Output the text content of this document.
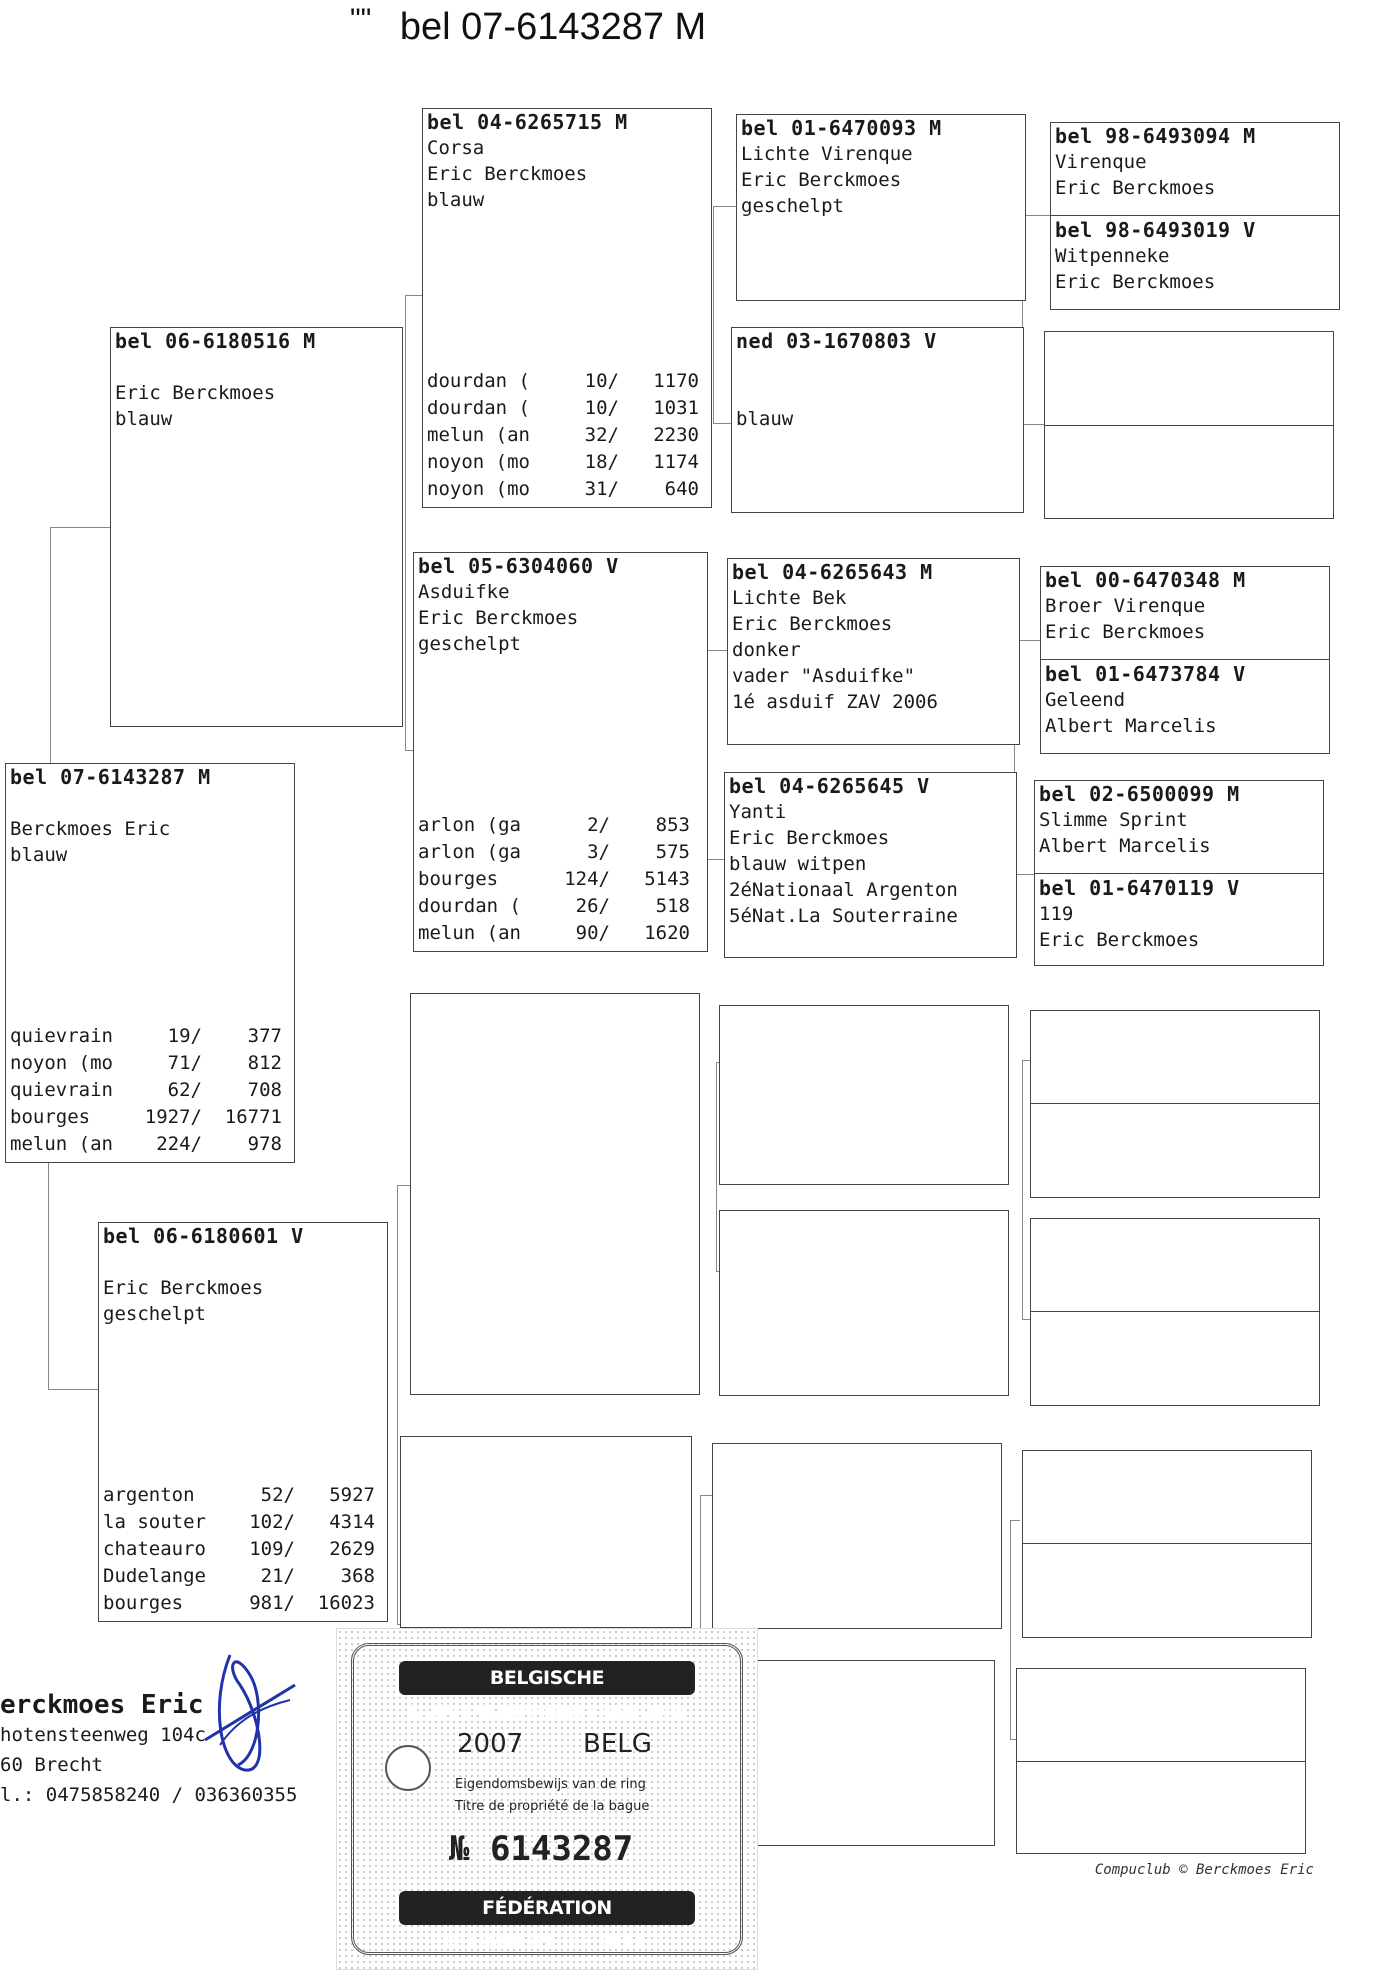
"" bel 07-6143287 M
bel 07-6143287 M

Berckmoes Eric
blauw
quievrain	19/	377
noyon (mo	71/	812
quievrain	62/	708
bourges	1927/	16771
melun (an	224/	978
bel 06-6180516 M

Eric Berckmoes
blauw
bel 06-6180601 V

Eric Berckmoes
geschelpt
argenton	52/	5927
la souter	102/	4314
chateauro	109/	2629
Dudelange	21/	368
bourges	981/	16023
bel 04-6265715 M
Corsa
Eric Berckmoes
blauw
dourdan (	10/	1170
dourdan (	10/	1031
melun (an	32/	2230
noyon (mo	18/	1174
noyon (mo	31/	640
bel 05-6304060 V
Asduifke
Eric Berckmoes
geschelpt
arlon (ga	2/	853
arlon (ga	3/	575
bourges	124/	5143
dourdan (	26/	518
melun (an	90/	1620
bel 01-6470093 M
Lichte Virenque
Eric Berckmoes
geschelpt
ned 03-1670803 V

blauw
bel 04-6265643 M
Lichte Bek
Eric Berckmoes
donker
vader "Asduifke"
1é asduif ZAV 2006
bel 04-6265645 V
Yanti
Eric Berckmoes
blauw witpen
2éNationaal Argenton
5éNat.La Souterraine
bel 98-6493094 M
Virenque
Eric Berckmoes
bel 98-6493019 V
Witpenneke
Eric Berckmoes
bel 00-6470348 M
Broer Virenque
Eric Berckmoes
bel 01-6473784 V
Geleend
Albert Marcelis
bel 02-6500099 M
Slimme Sprint
Albert Marcelis
bel 01-6470119 V
119
Eric Berckmoes
erckmoes Eric
hotensteenweg 104c
60 Brecht
l.: 0475858240 / 036360355
BELGISCHE DUIVENLIEFHEBBERSBOND
2007 BELG
Eigendomsbewijs van de ring
Titre de propriété de la bague
№ 6143287
FÉDÉRATION COLOMBOPHILE BELGE
Compuclub © Berckmoes Eric
